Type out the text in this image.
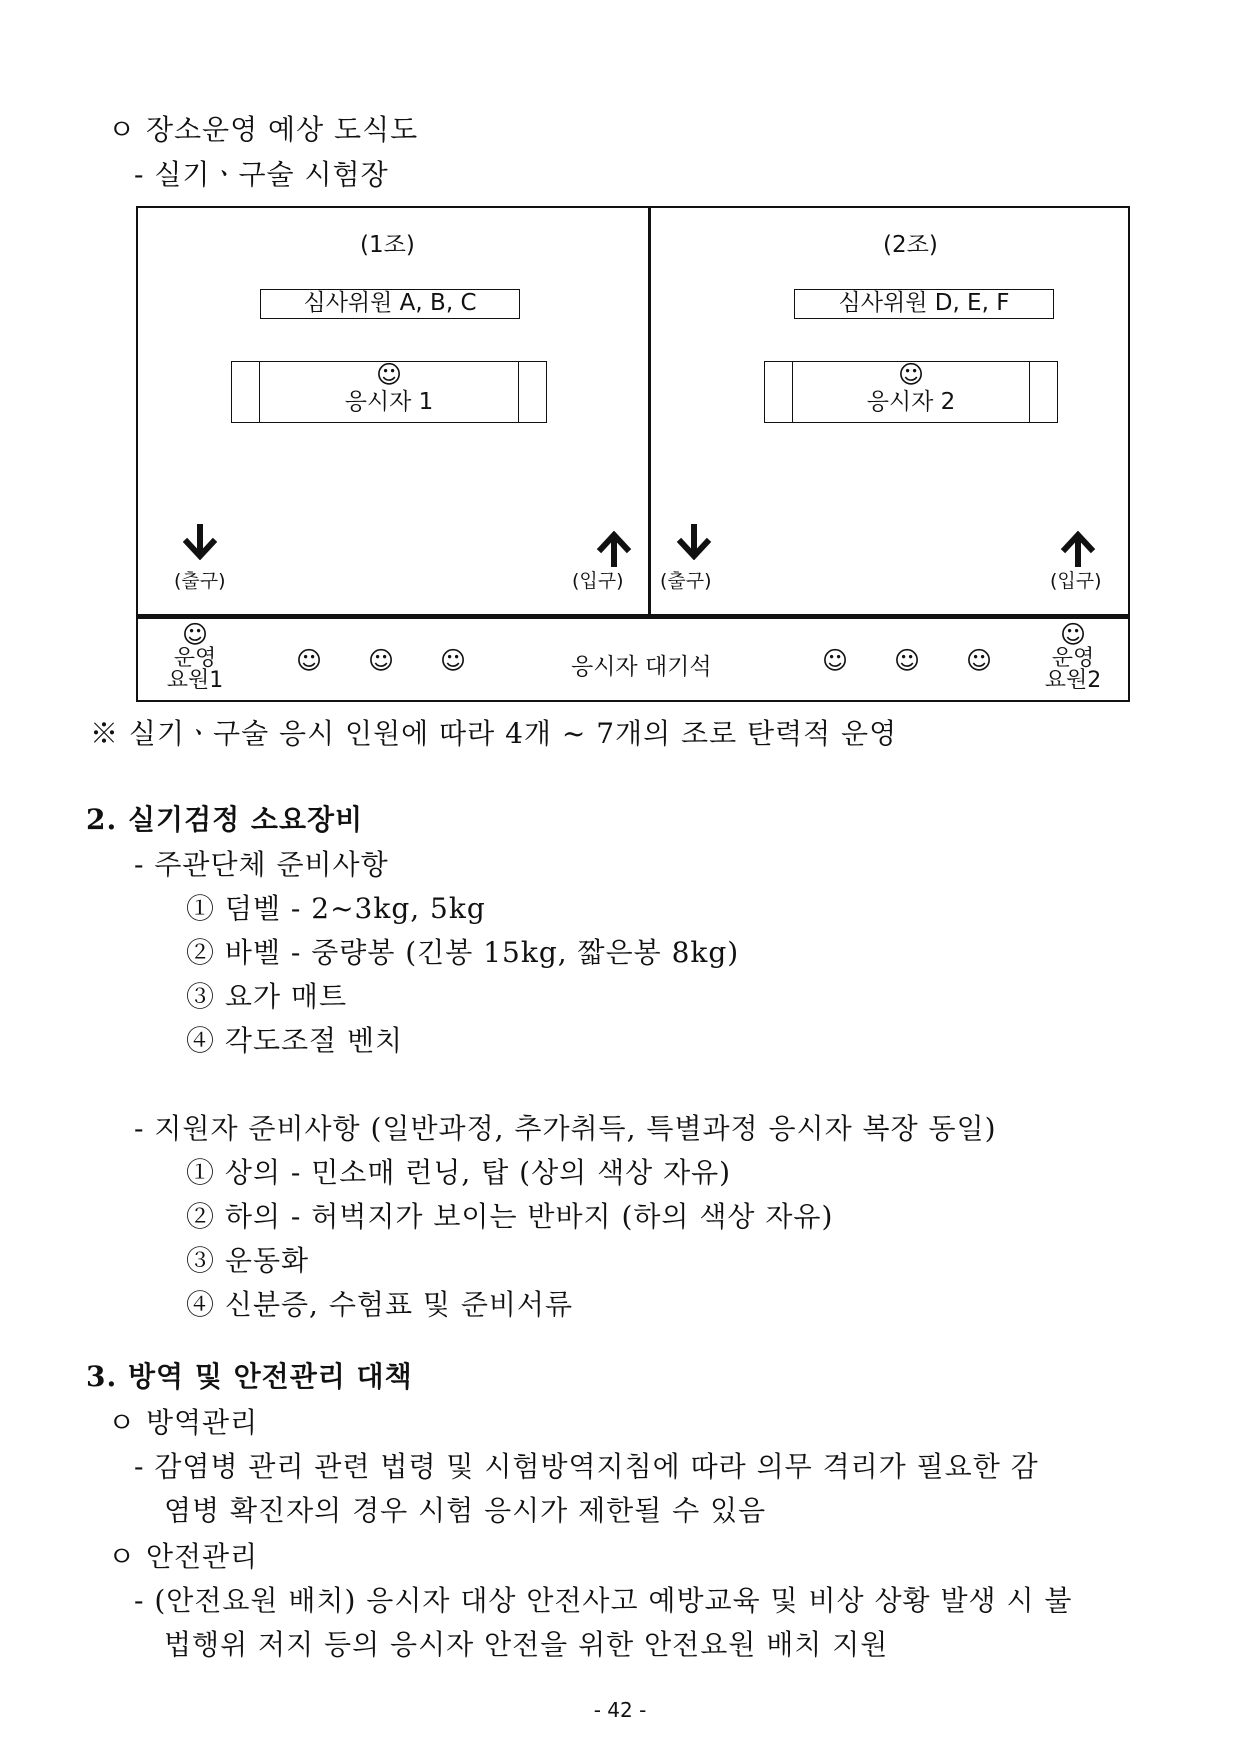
ㅇ 장소운영 예상 도식도
- 실기ㆍ구술 시험장
(1조)
심사위원 A, B, C
☺
응시자 1
(출구)	(입구)
(2조)
심사위원 D, E, F
☺
응시자 2
(출구)	(입구)
☺
운영
요원1
☺ ☺ ☺	응시자 대기석	☺ ☺ ☺
☺
운영
요원2
※ 실기ㆍ구술 응시 인원에 따라 4개 ~ 7개의 조로 탄력적 운영
2. 실기검정 소요장비
- 주관단체 준비사항
① 덤벨 - 2~3kg, 5kg
② 바벨 - 중량봉 (긴봉 15kg, 짧은봉 8kg)
③ 요가 매트
④ 각도조절 벤치
- 지원자 준비사항 (일반과정, 추가취득, 특별과정 응시자 복장 동일)
① 상의 - 민소매 런닝, 탑 (상의 색상 자유)
② 하의 - 허벅지가 보이는 반바지 (하의 색상 자유)
③ 운동화
④ 신분증, 수험표 및 준비서류
3. 방역 및 안전관리 대책
ㅇ 방역관리
- 감염병 관리 관련 법령 및 시험방역지침에 따라 의무 격리가 필요한 감
염병 확진자의 경우 시험 응시가 제한될 수 있음
ㅇ 안전관리
- (안전요원 배치) 응시자 대상 안전사고 예방교육 및 비상 상황 발생 시 불
법행위 저지 등의 응시자 안전을 위한 안전요원 배치 지원
- 42 -
